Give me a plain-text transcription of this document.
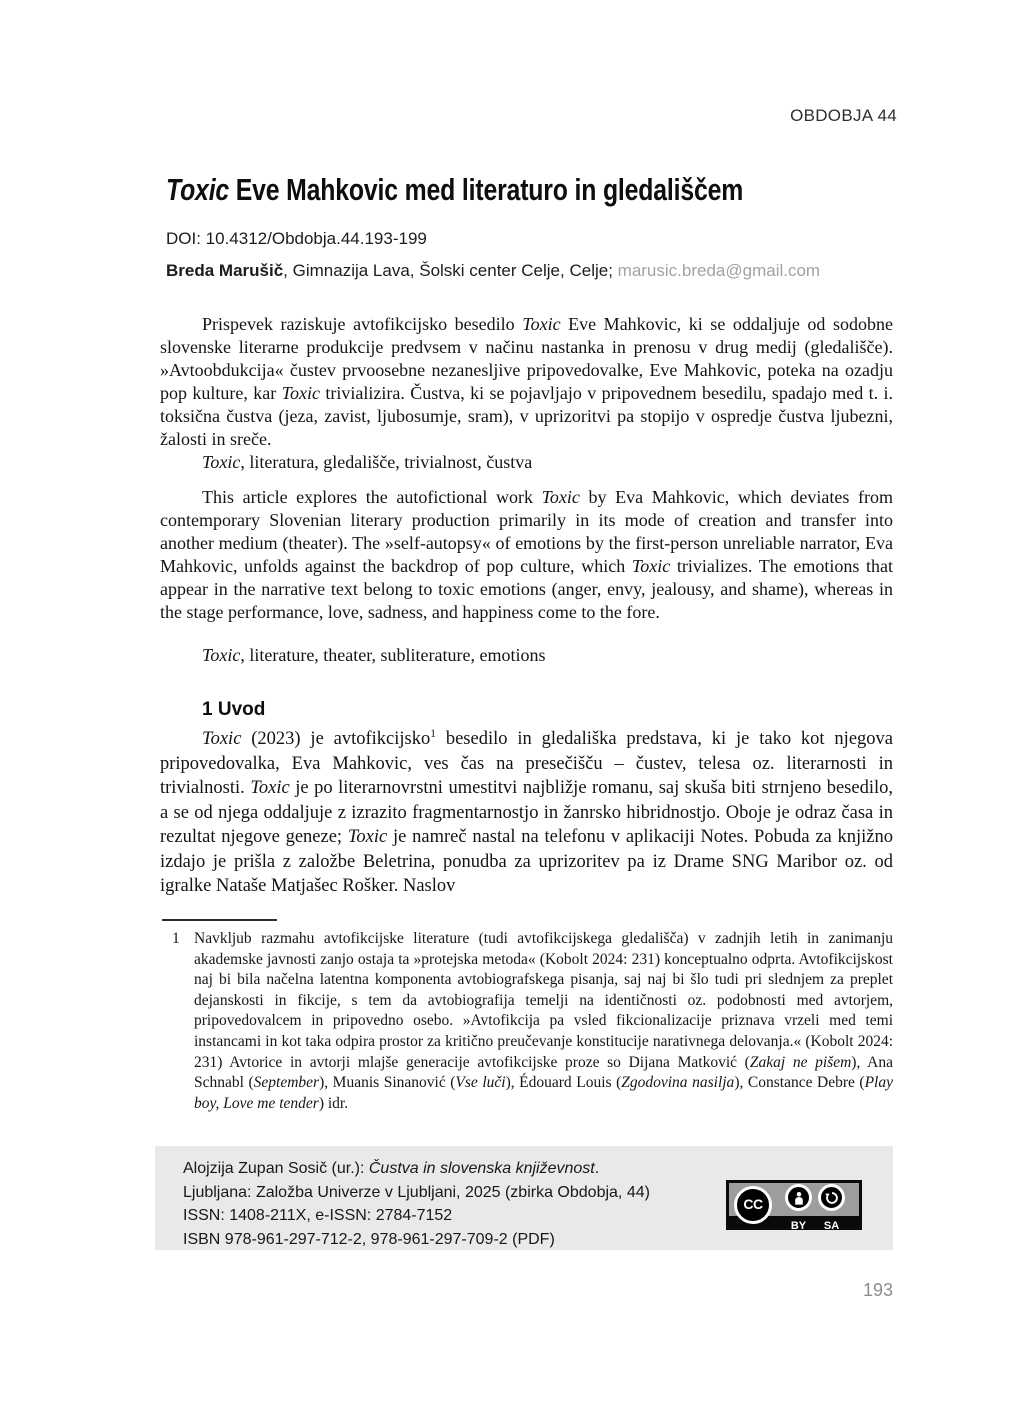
OBDOBJA 44
Toxic Eve Mahkovic med literaturo in gledališčem
DOI: 10.4312/Obdobja.44.193-199
Breda Marušič, Gimnazija Lava, Šolski center Celje, Celje; marusic.breda@gmail.com

Prispevek raziskuje avtofikcijsko besedilo Toxic Eve Mahkovic, ki se oddaljuje od sodobne slovenske literarne produkcije predvsem v načinu nastanka in prenosu v drug medij (gledališče). »Avtoobdukcija« čustev prvoosebne nezanesljive pripovedovalke, Eve Mahkovic, poteka na ozadju pop kulture, kar Toxic trivializira. Čustva, ki se pojavljajo v pripovednem besedilu, spadajo med t. i. toksična čustva (jeza, zavist, ljubosumje, sram), v uprizoritvi pa stopijo v ospredje čustva ljubezni, žalosti in sreče.

Toxic, literatura, gledališče, trivialnost, čustva

This article explores the autofictional work Toxic by Eva Mahkovic, which deviates from contemporary Slovenian literary production primarily in its mode of creation and transfer into another medium (theater). The »self-autopsy« of emotions by the first-person unreliable narrator, Eva Mahkovic, unfolds against the backdrop of pop culture, which Toxic trivializes. The emotions that appear in the narrative text belong to toxic emotions (anger, envy, jealousy, and shame), whereas in the stage performance, love, sadness, and happiness come to the fore.

Toxic, literature, theater, subliterature, emotions

1 Uvod

Toxic (2023) je avtofikcijsko$^1$ besedilo in gledališka predstava, ki je tako kot njegova pripovedovalka, Eva Mahkovic, ves čas na presečišču – čustev, telesa oz. literarnosti in trivialnosti. Toxic je po literarnovrstni umestitvi najbližje romanu, saj skuša biti strnjeno besedilo, a se od njega oddaljuje z izrazito fragmentarnostjo in žanrsko hibridnostjo. Oboje je odraz časa in rezultat njegove geneze; Toxic je namreč nastal na telefonu v aplikaciji Notes. Pobuda za knjižno izdajo je prišla z založbe Beletrina, ponudba za uprizoritev pa iz Drame SNG Maribor oz. od igralke Nataše Matjašec Rošker. Naslov

1 Navkljub razmahu avtofikcijske literature (tudi avtofikcijskega gledališča) v zadnjih letih in zanimanju akademske javnosti zanjo ostaja ta »protejska metoda« (Kobolt 2024: 231) konceptualno odprta. Avtofikcijskost naj bi bila načelna latentna komponenta avtobiografskega pisanja, saj naj bi šlo tudi pri slednjem za preplet dejanskosti in fikcije, s tem da avtobiografija temelji na identičnosti oz. podobnosti med avtorjem, pripovedovalcem in pripovedno osebo. »Avtofikcija pa vsled fikcionalizacije priznava vrzeli med temi instancami in kot taka odpira prostor za kritično preučevanje konstitucije narativnega delovanja.« (Kobolt 2024: 231) Avtorice in avtorji mlajše generacije avtofikcijske proze so Dijana Matković (Zakaj ne pišem), Ana Schnabl (September), Muanis Sinanović (Vse luči), Édouard Louis (Zgodovina nasilja), Constance Debre (Play boy, Love me tender) idr.
Alojzija Zupan Sosič (ur.): Čustva in slovenska književnost.
Ljubljana: Založba Univerze v Ljubljani, 2025 (zbirka Obdobja, 44)
ISSN: 1408-211X, e-ISSN: 2784-7152
ISBN 978-961-297-712-2, 978-961-297-709-2 (PDF)
CC
BY	SA
193
